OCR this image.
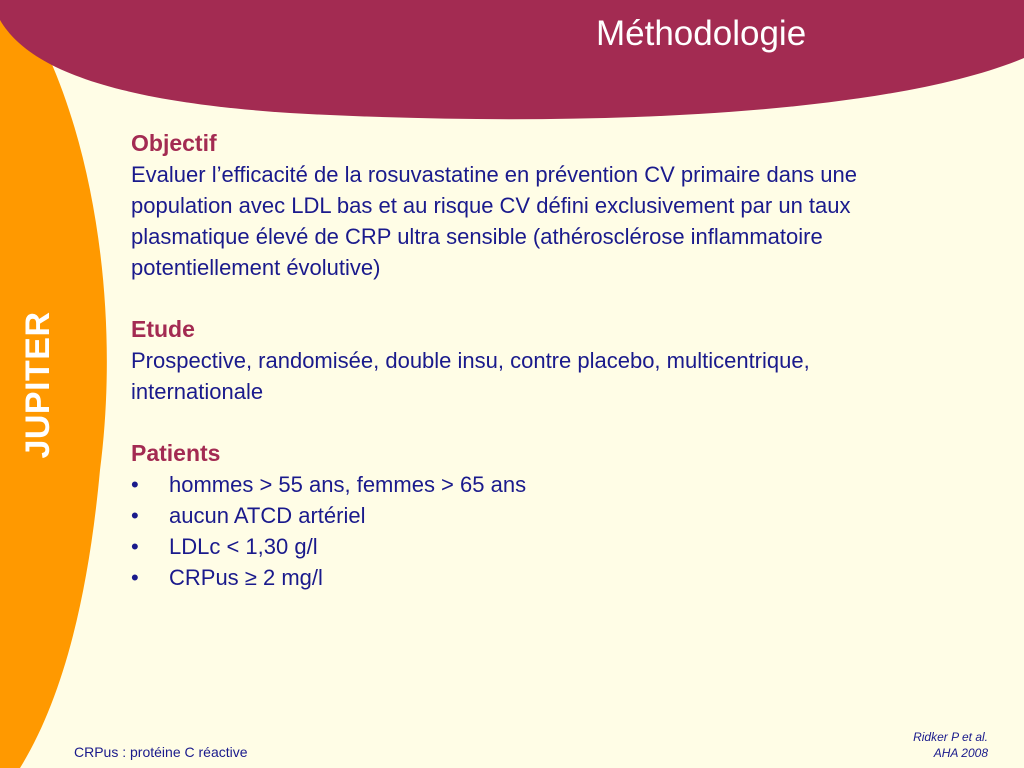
Méthodologie
JUPITER
Objectif

Evaluer l’efficacité de la rosuvastatine en prévention CV primaire dans une population avec LDL bas et au risque CV défini exclusivement par un taux plasmatique élevé de CRP ultra sensible (athérosclérose inflammatoire potentiellement évolutive)

Etude

Prospective, randomisée, double insu, contre placebo, multicentrique, internationale

Patients
• hommes > 55 ans, femmes > 65 ans
• aucun ATCD artériel
• LDLc < 1,30 g/l
• CRPus ≥ 2 mg/l
CRPus : protéine C réactive
Ridker P et al.
AHA 2008
